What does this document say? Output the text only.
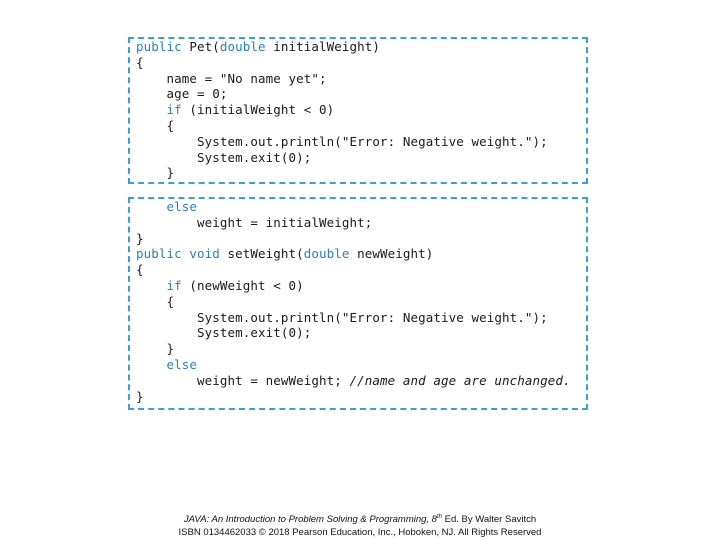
public Pet(double initialWeight)
{
name = "No name yet";
age = 0;
if (initialWeight < 0)
{
System.out.println("Error: Negative weight.");
System.exit(0);
}
else
weight = initialWeight;
}
public void setWeight(double newWeight)
{
if (newWeight < 0)
{
System.out.println("Error: Negative weight.");
System.exit(0);
}
else
weight = newWeight; //name and age are unchanged.
}
JAVA: An Introduction to Problem Solving & Programming, 8th Ed. By Walter Savitch
ISBN 0134462033 © 2018 Pearson Education, Inc., Hoboken, NJ. All Rights Reserved
